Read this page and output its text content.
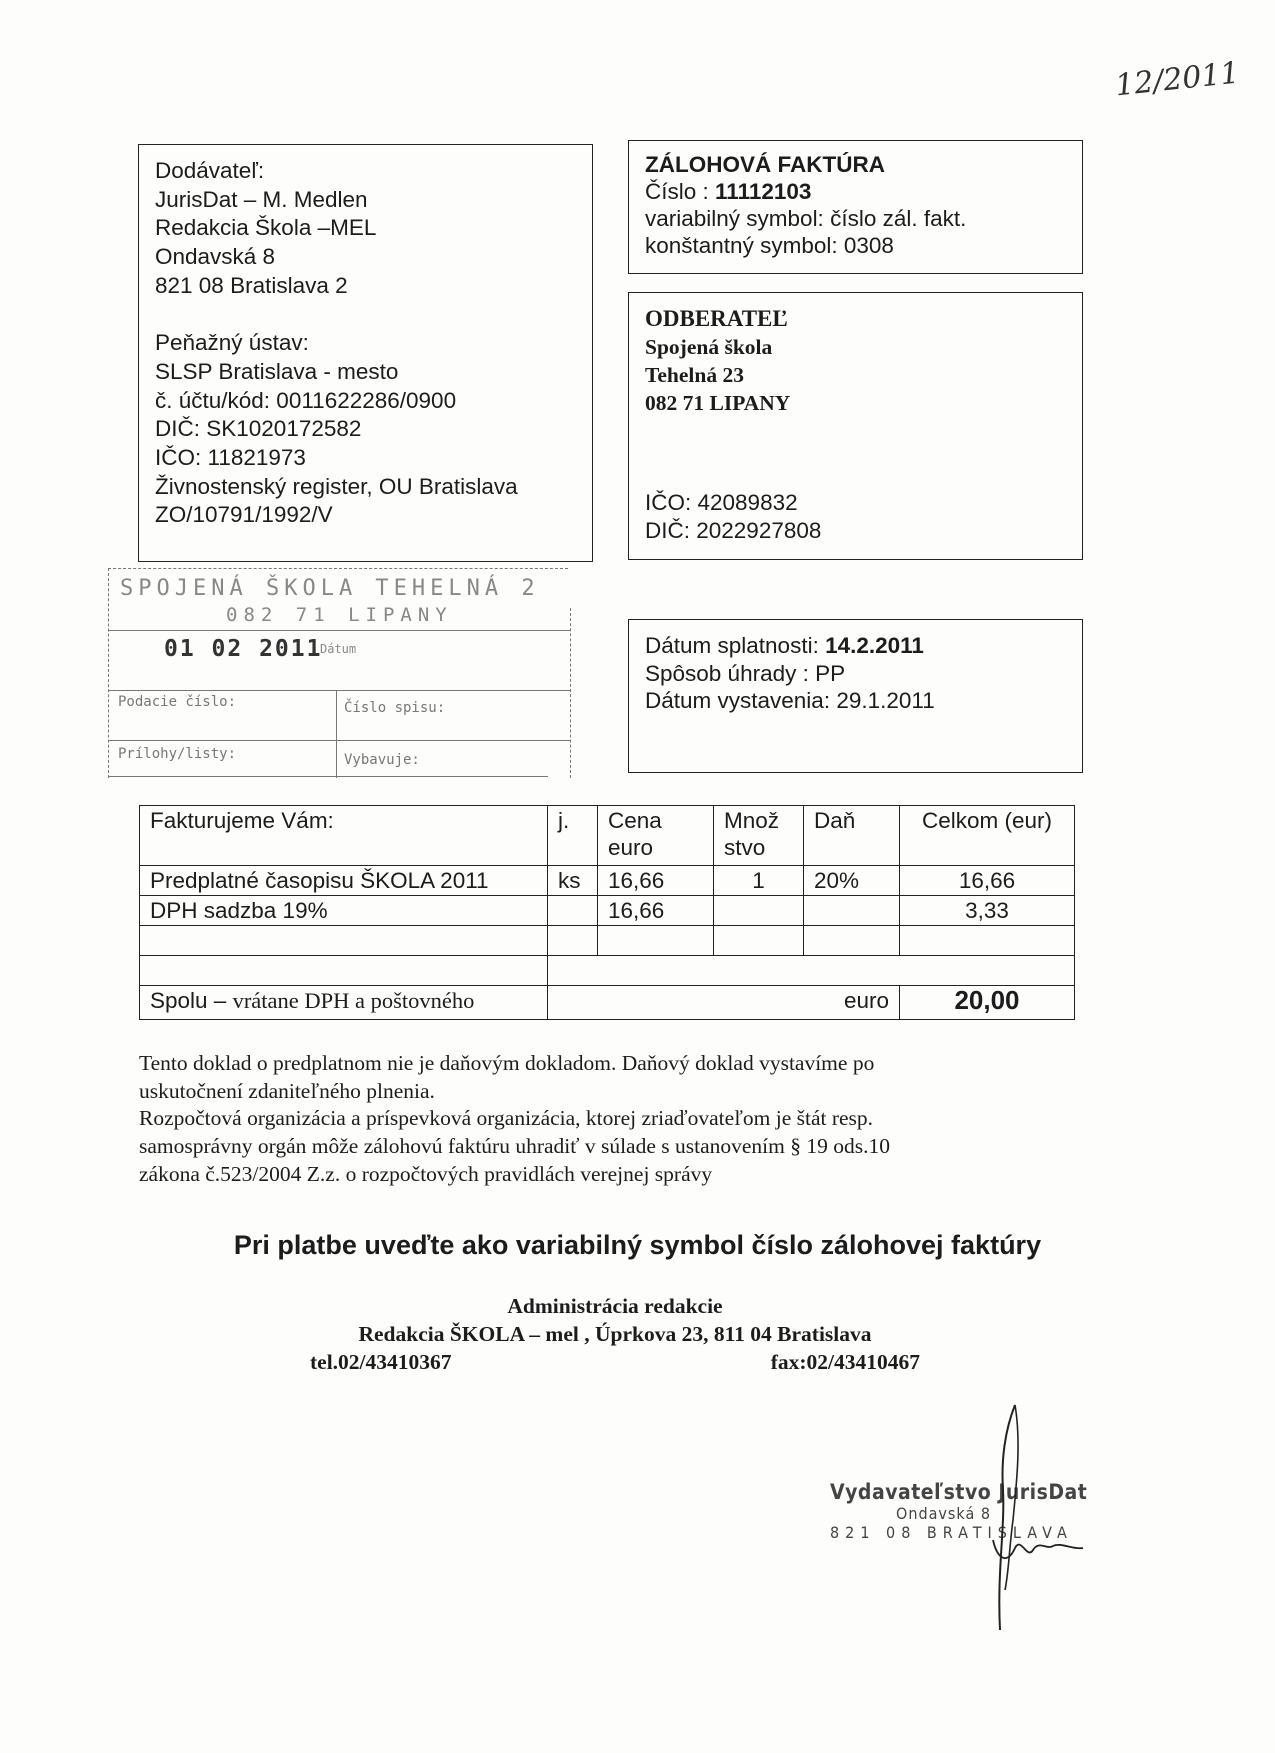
12/2011
Dodávateľ:
JurisDat – M. Medlen
Redakcia Škola –MEL
Ondavská 8
821 08 Bratislava 2

Peňažný ústav:
SLSP Bratislava - mesto
č. účtu/kód: 0011622286/0900
DIČ: SK1020172582
IČO: 11821973
Živnostenský register, OU Bratislava
ZO/10791/1992/V
ZÁLOHOVÁ FAKTÚRA
Číslo : 11112103
variabilný symbol: číslo zál. fakt.
konštantný symbol: 0308
ODBERATEĽ
Spojená škola
Tehelná 23
082 71 LIPANY
IČO: 42089832
DIČ: 2022927808
SPOJENÁ ŠKOLA TEHELNÁ 2
082 71 LIPANY
01 02 2011
Dátum
Podacie číslo:	Číslo spisu:
Prílohy/listy:	Vybavuje:
Dátum splatnosti: 14.2.2011
Spôsob úhrady : PP
Dátum vystavenia: 29.1.2011
Fakturujeme Vám:	j.	Cena euro	Množ stvo	Daň	Celkom (eur)
Predplatné časopisu ŠKOLA 2011	ks	16,66	1	20%	16,66
DPH sadzba 19%		16,66			3,33

Spolu – vrátane DPH a poštovného	euro				20,00
Tento doklad o predplatnom nie je daňovým dokladom. Daňový doklad vystavíme po
uskutočnení zdaniteľného plnenia.
Rozpočtová organizácia a príspevková organizácia, ktorej zriaďovateľom je štát resp.
samosprávny orgán môže zálohovú faktúru uhradiť v súlade s ustanovením § 19 ods.10
zákona č.523/2004 Z.z. o rozpočtových pravidlách verejnej správy
Pri platbe uveďte ako variabilný symbol číslo zálohovej faktúry
Administrácia redakcie
Redakcia ŠKOLA – mel , Úprkova 23, 811 04 Bratislava
tel.02/43410367	fax:02/43410467
Vydavateľstvo JurisDat
Ondavská 8
821 08 BRATISLAVA
